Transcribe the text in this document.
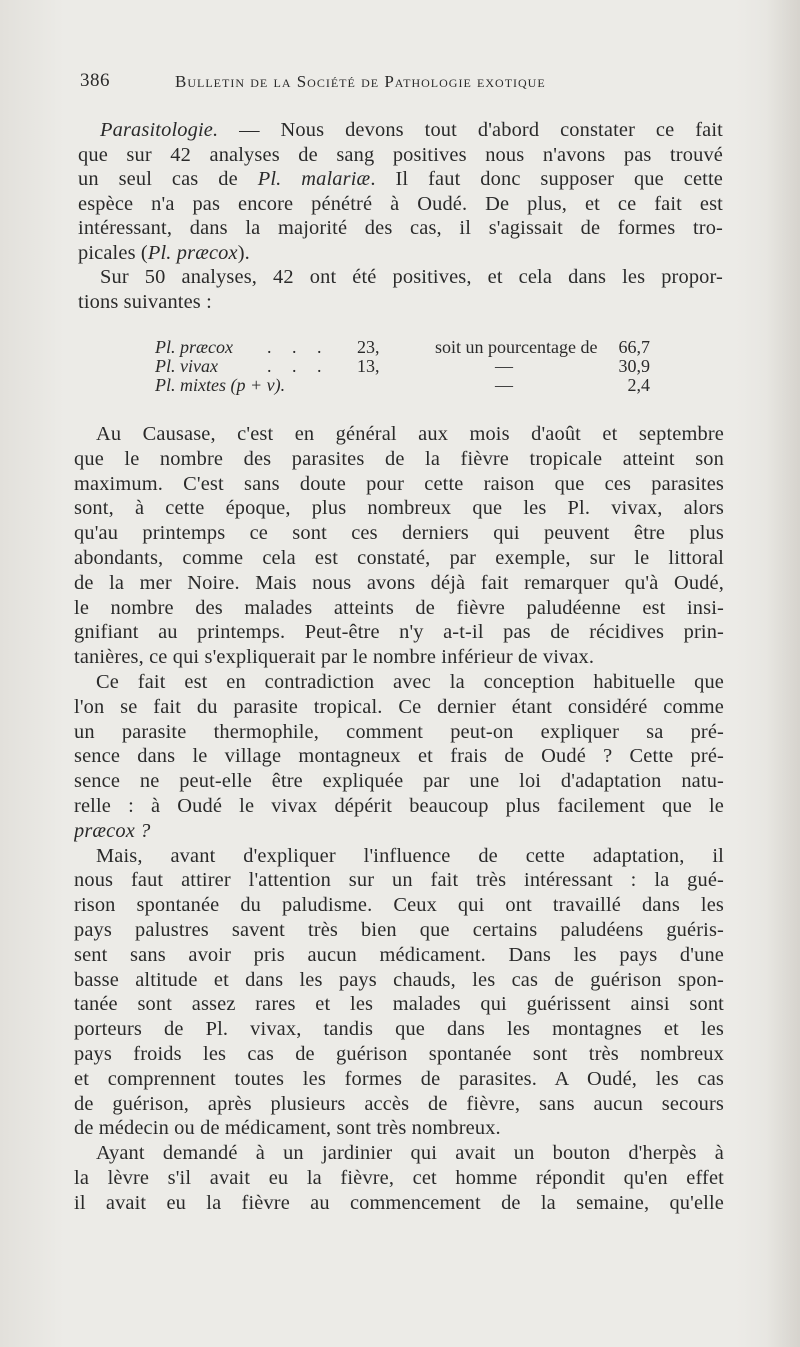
386	Bulletin de la Société de Pathologie exotique
Parasitologie. — Nous devons tout d'abord constater ce fait
que sur 42 analyses de sang positives nous n'avons pas trouvé
un seul cas de Pl. malariæ. Il faut donc supposer que cette
espèce n'a pas encore pénétré à Oudé. De plus, et ce fait est
intéressant, dans la majorité des cas, il s'agissait de formes tro-
picales (Pl. præcox).
Sur 50 analyses, 42 ont été positives, et cela dans les propor-
tions suivantes :
Pl. præcox . . . 23,	soit un pourcentage de 66,7
Pl. vivax	. . . 13,	—	30,9
Pl. mixtes (p + v).	—	2,4
Au Causase, c'est en général aux mois d'août et septembre
que le nombre des parasites de la fièvre tropicale atteint son
maximum. C'est sans doute pour cette raison que ces parasites
sont, à cette époque, plus nombreux que les Pl. vivax, alors
qu'au printemps ce sont ces derniers qui peuvent être plus
abondants, comme cela est constaté, par exemple, sur le littoral
de la mer Noire. Mais nous avons déjà fait remarquer qu'à Oudé,
le nombre des malades atteints de fièvre paludéenne est insi-
gnifiant au printemps. Peut-être n'y a-t-il pas de récidives prin-
tanières, ce qui s'expliquerait par le nombre inférieur de vivax.
Ce fait est en contradiction avec la conception habituelle que
l'on se fait du parasite tropical. Ce dernier étant considéré comme
un parasite thermophile, comment peut-on expliquer sa pré-
sence dans le village montagneux et frais de Oudé ? Cette pré-
sence ne peut-elle être expliquée par une loi d'adaptation natu-
relle : à Oudé le vivax dépérit beaucoup plus facilement que le
præcox ?
Mais, avant d'expliquer l'influence de cette adaptation, il
nous faut attirer l'attention sur un fait très intéressant : la gué-
rison spontanée du paludisme. Ceux qui ont travaillé dans les
pays palustres savent très bien que certains paludéens guéris-
sent sans avoir pris aucun médicament. Dans les pays d'une
basse altitude et dans les pays chauds, les cas de guérison spon-
tanée sont assez rares et les malades qui guérissent ainsi sont
porteurs de Pl. vivax, tandis que dans les montagnes et les
pays froids les cas de guérison spontanée sont très nombreux
et comprennent toutes les formes de parasites. A Oudé, les cas
de guérison, après plusieurs accès de fièvre, sans aucun secours
de médecin ou de médicament, sont très nombreux.
Ayant demandé à un jardinier qui avait un bouton d'herpès à
la lèvre s'il avait eu la fièvre, cet homme répondit qu'en effet
il avait eu la fièvre au commencement de la semaine, qu'elle
